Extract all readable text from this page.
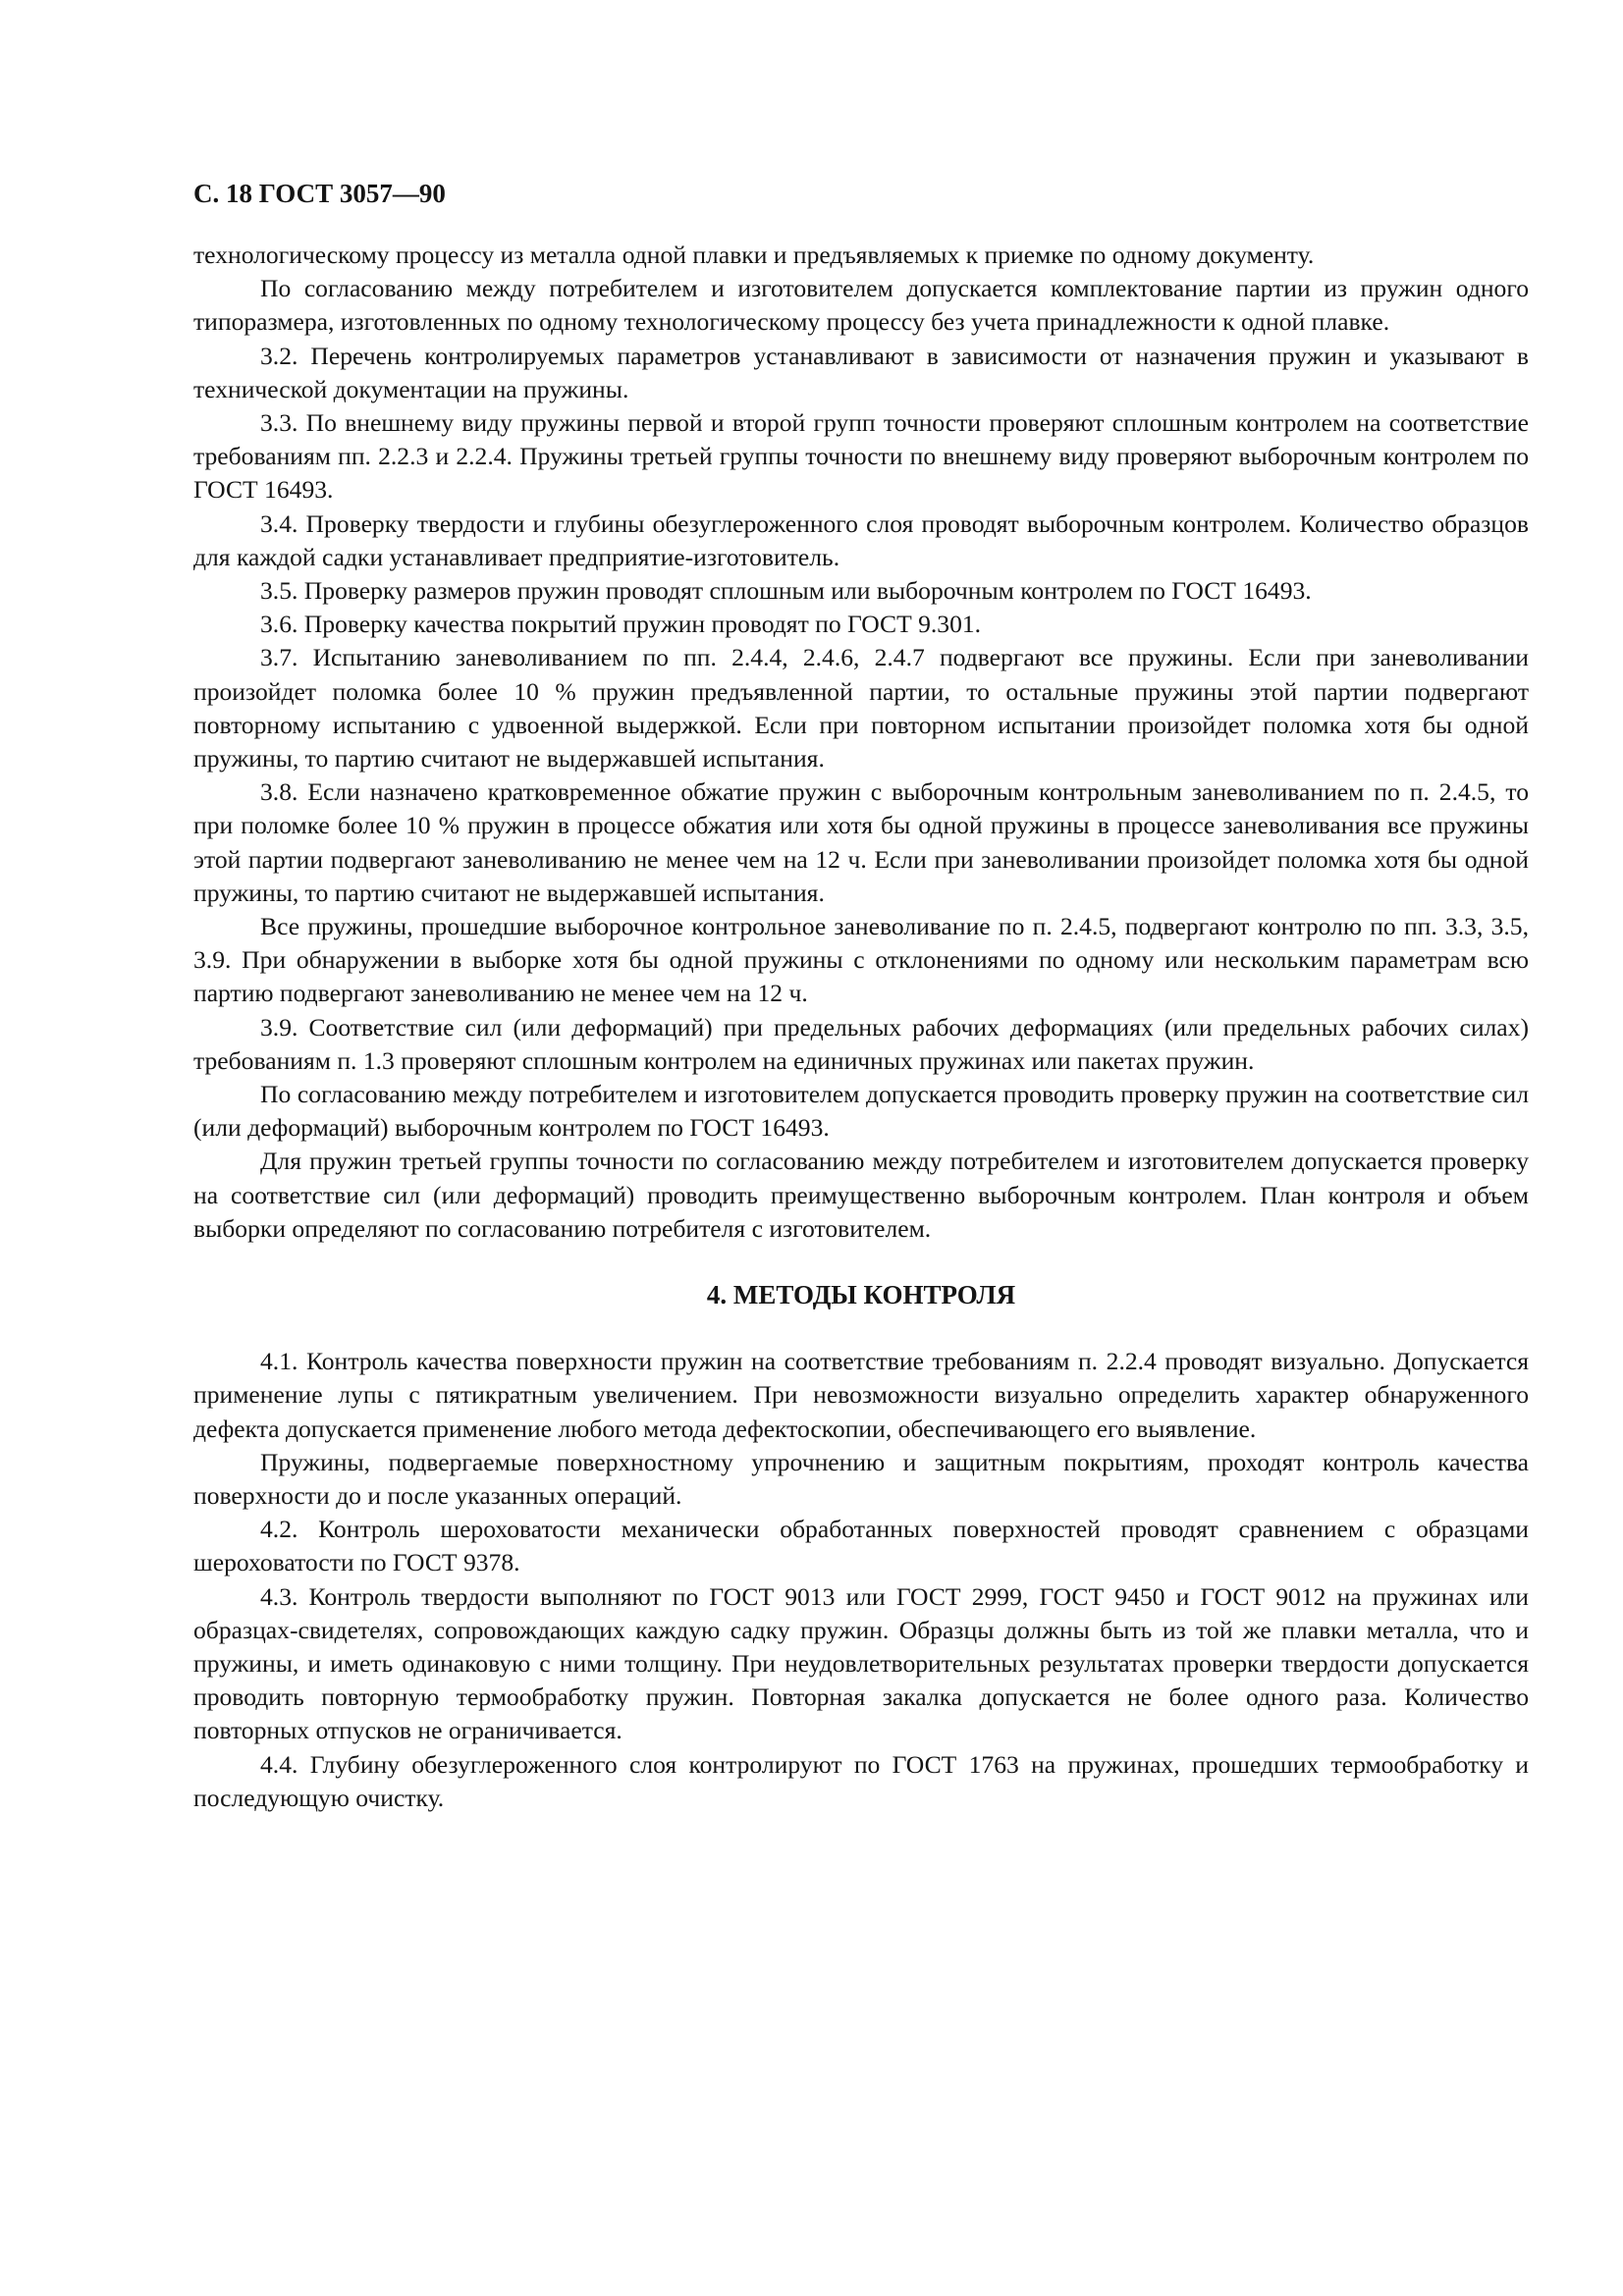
С. 18 ГОСТ 3057—90

технологическому процессу из металла одной плавки и предъявляемых к приемке по одному документу.

По согласованию между потребителем и изготовителем допускается комплектование партии из пружин одного типоразмера, изготовленных по одному технологическому процессу без учета принадлежности к одной плавке.

3.2. Перечень контролируемых параметров устанавливают в зависимости от назначения пружин и указывают в технической документации на пружины.

3.3. По внешнему виду пружины первой и второй групп точности проверяют сплошным контролем на соответствие требованиям пп. 2.2.3 и 2.2.4. Пружины третьей группы точности по внешнему виду проверяют выборочным контролем по ГОСТ 16493.

3.4. Проверку твердости и глубины обезуглероженного слоя проводят выборочным контролем. Количество образцов для каждой садки устанавливает предприятие-изготовитель.

3.5. Проверку размеров пружин проводят сплошным или выборочным контролем по ГОСТ 16493.

3.6. Проверку качества покрытий пружин проводят по ГОСТ 9.301.

3.7. Испытанию заневоливанием по пп. 2.4.4, 2.4.6, 2.4.7 подвергают все пружины. Если при заневоливании произойдет поломка более 10 % пружин предъявленной партии, то остальные пружины этой партии подвергают повторному испытанию с удвоенной выдержкой. Если при повторном испытании произойдет поломка хотя бы одной пружины, то партию считают не выдержавшей испытания.

3.8. Если назначено кратковременное обжатие пружин с выборочным контрольным заневоливанием по п. 2.4.5, то при поломке более 10 % пружин в процессе обжатия или хотя бы одной пружины в процессе заневоливания все пружины этой партии подвергают заневоливанию не менее чем на 12 ч. Если при заневоливании произойдет поломка хотя бы одной пружины, то партию считают не выдержавшей испытания.

Все пружины, прошедшие выборочное контрольное заневоливание по п. 2.4.5, подвергают контролю по пп. 3.3, 3.5, 3.9. При обнаружении в выборке хотя бы одной пружины с отклонениями по одному или нескольким параметрам всю партию подвергают заневоливанию не менее чем на 12 ч.

3.9. Соответствие сил (или деформаций) при предельных рабочих деформациях (или предельных рабочих силах) требованиям п. 1.3 проверяют сплошным контролем на единичных пружинах или пакетах пружин.

По согласованию между потребителем и изготовителем допускается проводить проверку пружин на соответствие сил (или деформаций) выборочным контролем по ГОСТ 16493.

Для пружин третьей группы точности по согласованию между потребителем и изготовителем допускается проверку на соответствие сил (или деформаций) проводить преимущественно выборочным контролем. План контроля и объем выборки определяют по согласованию потребителя с изготовителем.

4. МЕТОДЫ КОНТРОЛЯ

4.1. Контроль качества поверхности пружин на соответствие требованиям п. 2.2.4 проводят визуально. Допускается применение лупы с пятикратным увеличением. При невозможности визуально определить характер обнаруженного дефекта допускается применение любого метода дефектоскопии, обеспечивающего его выявление.

Пружины, подвергаемые поверхностному упрочнению и защитным покрытиям, проходят контроль качества поверхности до и после указанных операций.

4.2. Контроль шероховатости механически обработанных поверхностей проводят сравнением с образцами шероховатости по ГОСТ 9378.

4.3. Контроль твердости выполняют по ГОСТ 9013 или ГОСТ 2999, ГОСТ 9450 и ГОСТ 9012 на пружинах или образцах-свидетелях, сопровождающих каждую садку пружин. Образцы должны быть из той же плавки металла, что и пружины, и иметь одинаковую с ними толщину. При неудовлетворительных результатах проверки твердости допускается проводить повторную термообработку пружин. Повторная закалка допускается не более одного раза. Количество повторных отпусков не ограничивается.

4.4. Глубину обезуглероженного слоя контролируют по ГОСТ 1763 на пружинах, прошедших термообработку и последующую очистку.
